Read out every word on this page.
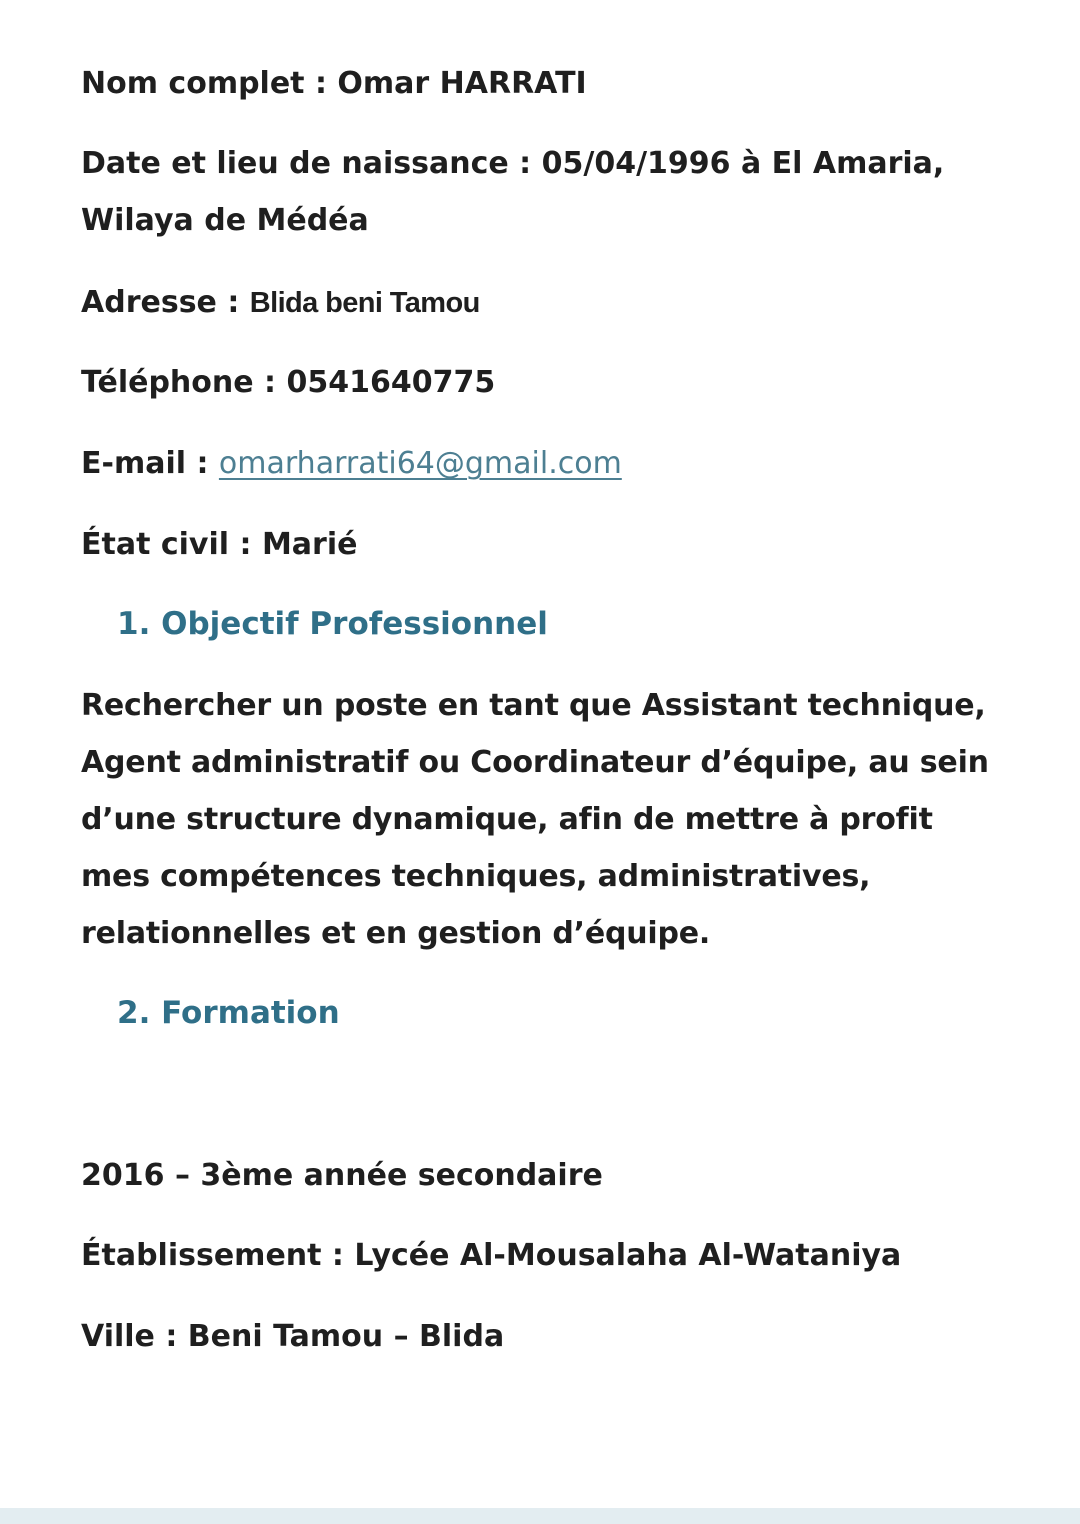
Nom complet : Omar HARRATI

Date et lieu de naissance : 05/04/1996 à El Amaria,

Wilaya de Médéa

Adresse : Blida beni Tamou

Téléphone : 0541640775

E-mail : omarharrati64@gmail.com

État civil : Marié

1. Objectif Professionnel

Rechercher un poste en tant que Assistant technique, Agent administratif ou Coordinateur d’équipe, au sein d’une structure dynamique, afin de mettre à profit mes compétences techniques, administratives, relationnelles et en gestion d’équipe.

2. Formation

2016 – 3ème année secondaire

Établissement : Lycée Al-Mousalaha Al-Wataniya

Ville : Beni Tamou – Blida
